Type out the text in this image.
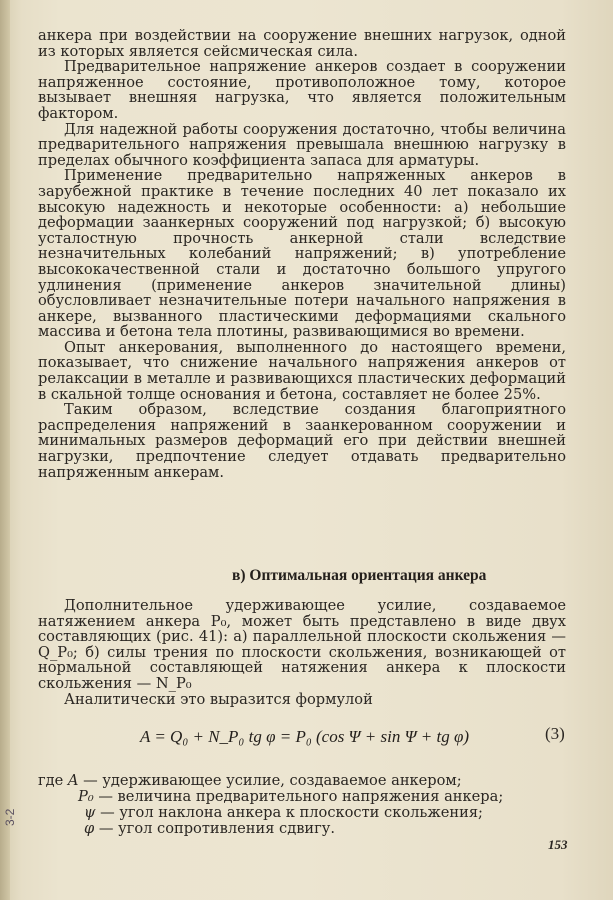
анкера при воздействии на сооружение внешних нагрузок, одной из которых является сейсмическая сила.

Предварительное напряжение анкеров создает в сооружении напряженное состояние, противоположное тому, которое вызывает внешняя нагрузка, что является положительным фактором.

Для надежной работы сооружения достаточно, чтобы величина предварительного напряжения превышала внешнюю нагрузку в пределах обычного коэффициента запаса для арматуры.

Применение предварительно напряженных анкеров в зарубежной практике в течение последних 40 лет показало их высокую надежность и некоторые особенности: а) небольшие деформации заанкерных сооружений под нагрузкой; б) высокую усталостную прочность анкерной стали вследствие незначительных колебаний напряжений; в) употребление высококачественной стали и достаточно большого упругого удлинения (применение анкеров значительной длины) обусловливает незначительные потери начального напряжения в анкере, вызванного пластическими деформациями скального массива и бетона тела плотины, развивающимися во времени.

Опыт анкерования, выполненного до настоящего времени, показывает, что снижение начального напряжения анкеров от релаксации в металле и развивающихся пластических деформаций в скальной толще основания и бетона, составляет не более 25%.

Таким образом, вследствие создания благоприятного распределения напряжений в заанкерованном сооружении и минимальных размеров деформаций его при действии внешней нагрузки, предпочтение следует отдавать предварительно напряженным анкерам.

в) Оптимальная ориентация анкера

Дополнительное удерживающее усилие, создаваемое натяжением анкера P₀, может быть представлено в виде двух составляющих (рис. 41): а) параллельной плоскости скольжения — Q_P₀; б) силы трения по плоскости скольжения, возникающей от нормальной составляющей натяжения анкера к плоскости скольжения — N_P₀

Аналитически это выразится формулой

A = Q₀ + N_P₀ tg φ = P₀ (cos Ψ + sin Ψ + tg φ)	(3)
где A — удерживающее усилие, создаваемое анкером;
P₀ — величина предварительного напряжения анкера;
ψ — угол наклона анкера к плоскости скольжения;
φ — угол сопротивления сдвигу.
153
3-2
